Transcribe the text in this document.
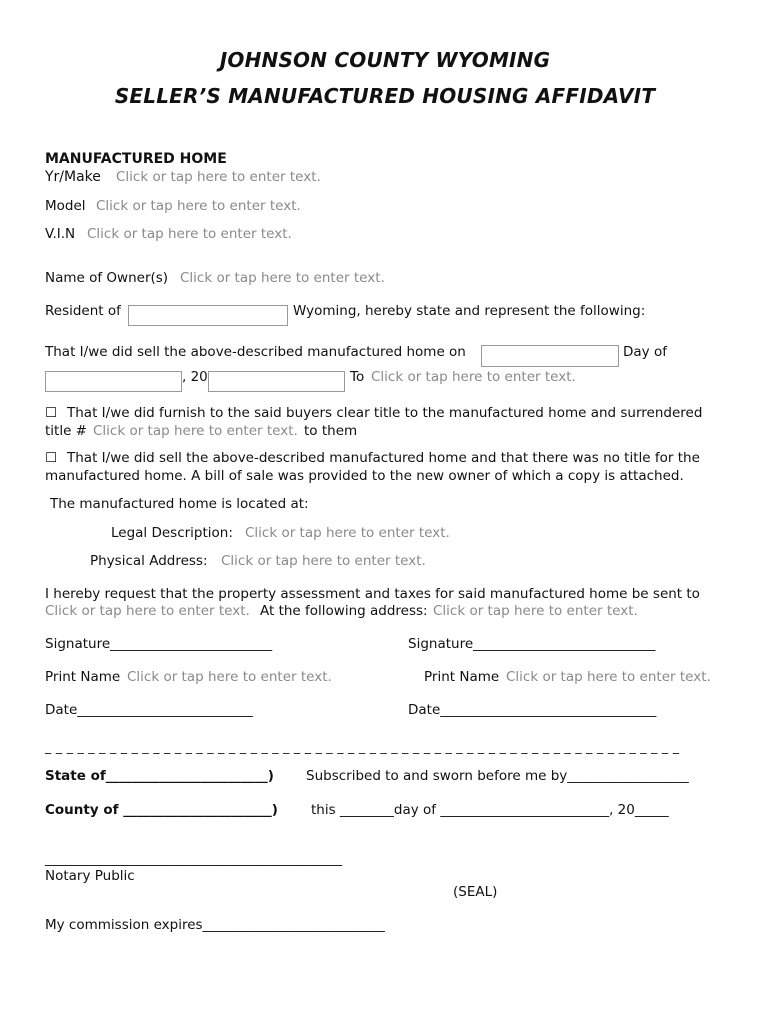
JOHNSON COUNTY WYOMING
SELLER’S MANUFACTURED HOUSING AFFIDAVIT
MANUFACTURED HOME
Yr/Make Click or tap here to enter text.
Model Click or tap here to enter text.
V.I.N Click or tap here to enter text.
Name of Owner(s) Click or tap here to enter text.
Resident of	Wyoming, hereby state and represent the following:
That I/we did sell the above-described manufactured home on	Day of
, 20	To Click or tap here to enter text.
☐ That I/we did furnish to the said buyers clear title to the manufactured home and surrendered
title # Click or tap here to enter text. to them
☐ That I/we did sell the above-described manufactured home and that there was no title for the
manufactured home. A bill of sale was provided to the new owner of which a copy is attached.
The manufactured home is located at:
Legal Description: Click or tap here to enter text.
Physical Address: Click or tap here to enter text.
I hereby request that the property assessment and taxes for said manufactured home be sent to
Click or tap here to enter text. At the following address: Click or tap here to enter text.
Signature________________________	Signature___________________________
Print Name Click or tap here to enter text.	Print Name Click or tap here to enter text.
Date__________________________	Date________________________________
_ _ _ _ _ _ _ _ _ _ _ _ _ _ _ _ _ _ _ _ _ _ _ _ _ _ _ _ _ _ _ _ _ _ _ _ _ _ _ _ _ _ _ _ _ _ _ _ _ _ _ _ _ _ _ _ _ _ _
State of________________________) Subscribed to and sworn before me by__________________
County of ______________________) this ________day of _________________________, 20_____
____________________________________________
Notary Public
(SEAL)
My commission expires___________________________
